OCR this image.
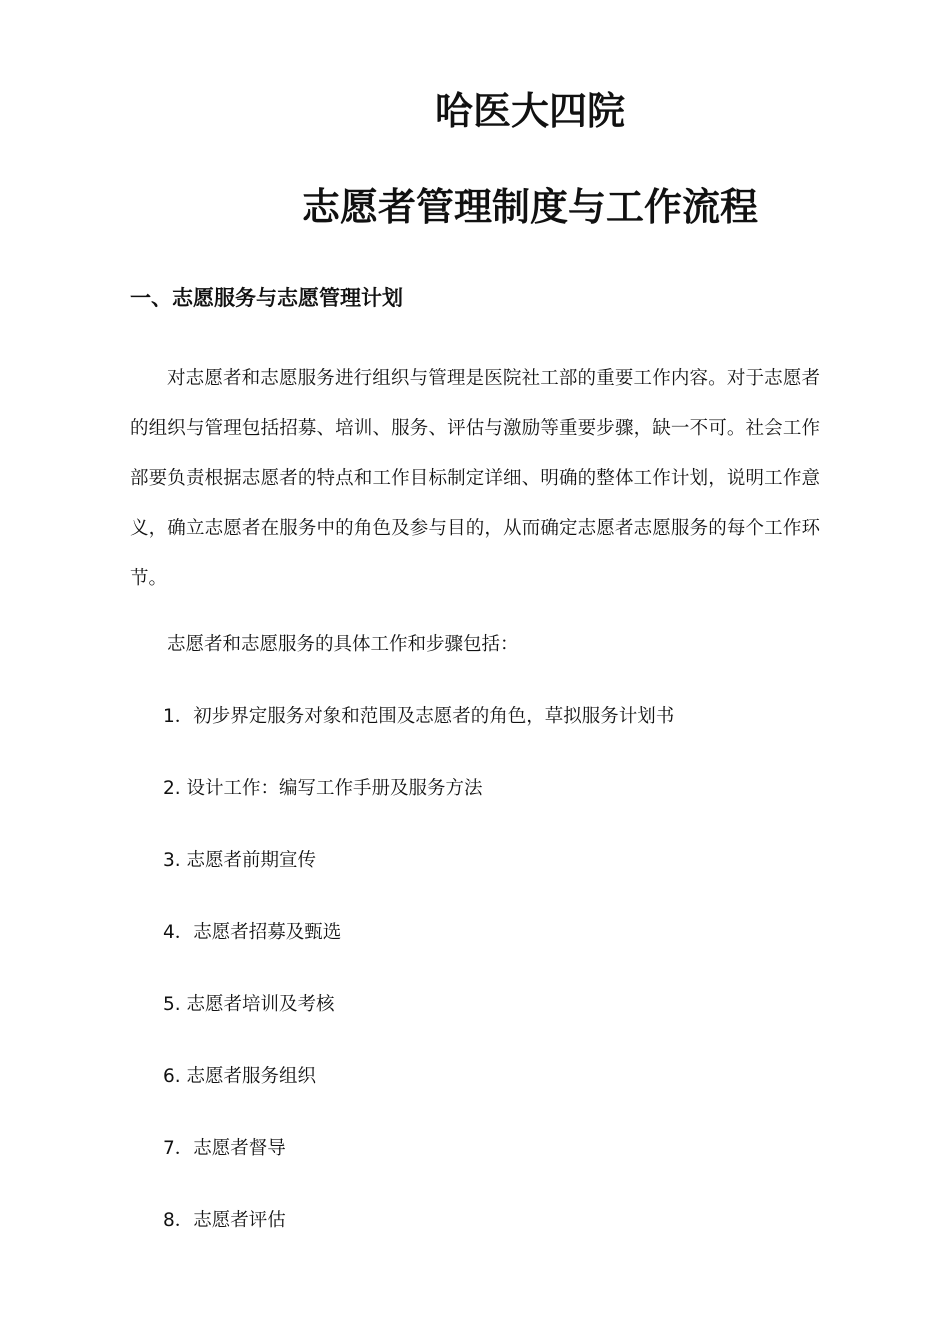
哈医大四院
志愿者管理制度与工作流程
一、志愿服务与志愿管理计划

对志愿者和志愿服务进行组织与管理是医院社工部的重要工作内容。对于志愿者的组织与管理包括招募、培训、服务、评估与激励等重要步骤，缺一不可。社会工作部要负责根据志愿者的特点和工作目标制定详细、明确的整体工作计划，说明工作意义，确立志愿者在服务中的角色及参与目的，从而确定志愿者志愿服务的每个工作环节。

志愿者和志愿服务的具体工作和步骤包括：
1．初步界定服务对象和范围及志愿者的角色，草拟服务计划书
2. 设计工作：编写工作手册及服务方法
3. 志愿者前期宣传
4．志愿者招募及甄选
5. 志愿者培训及考核
6. 志愿者服务组织
7．志愿者督导
8．志愿者评估
